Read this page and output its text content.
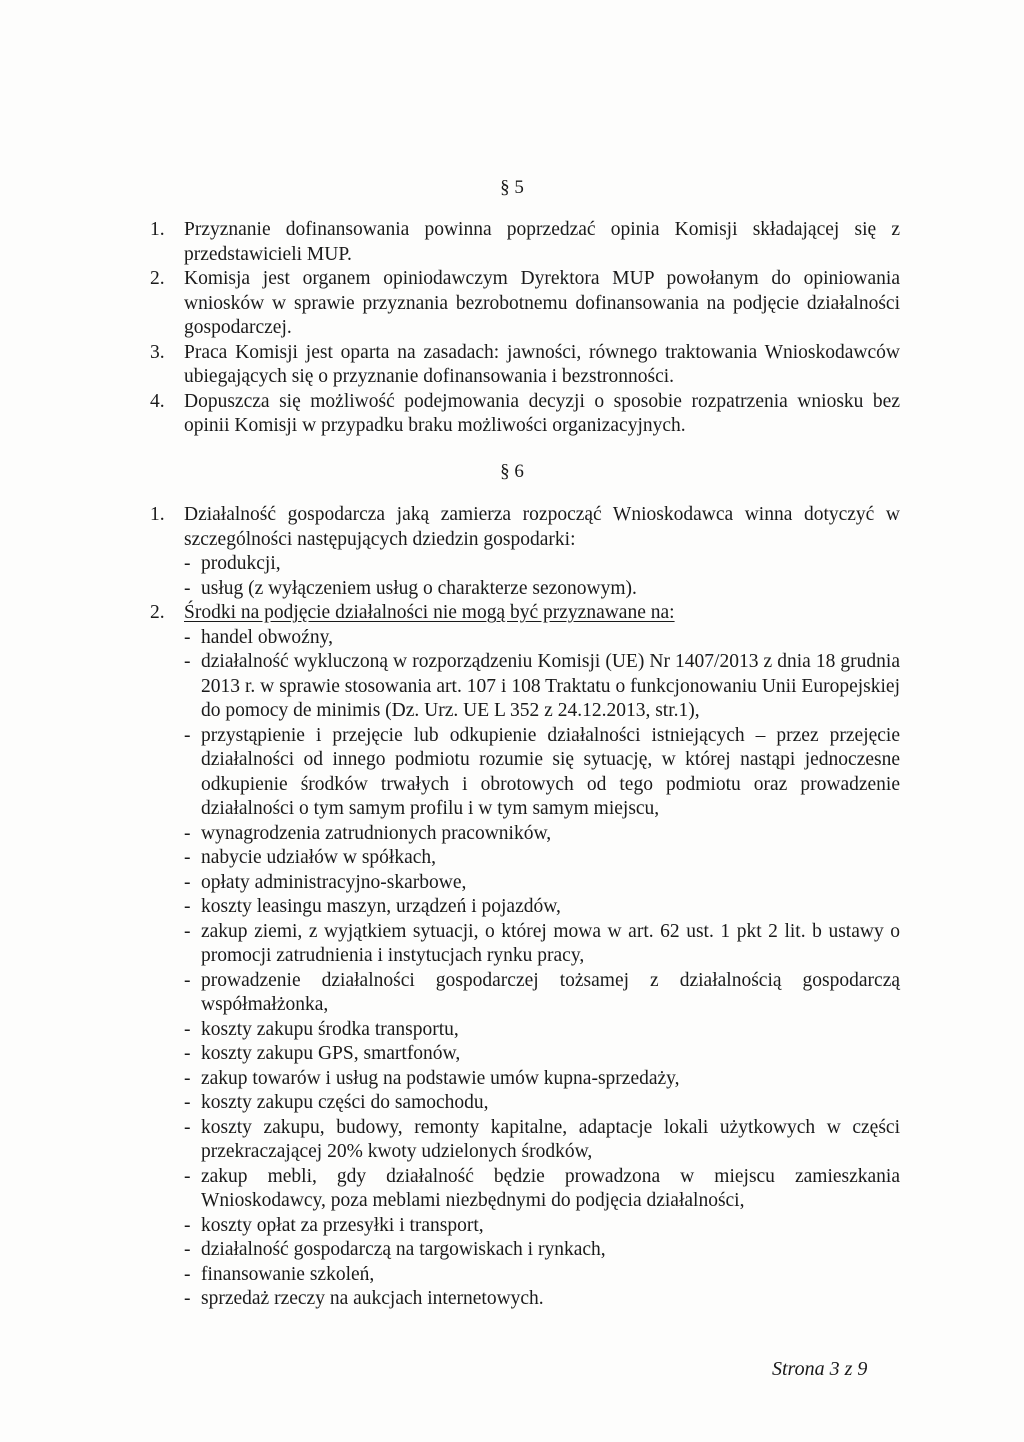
§ 5
1. Przyznanie dofinansowania powinna poprzedzać opinia Komisji składającej się z przedstawicieli MUP.
2. Komisja jest organem opiniodawczym Dyrektora MUP powołanym do opiniowania wniosków w sprawie przyznania bezrobotnemu dofinansowania na podjęcie działalności gospodarczej.
3. Praca Komisji jest oparta na zasadach: jawności, równego traktowania Wnioskodawców ubiegających się o przyznanie dofinansowania i bezstronności.
4. Dopuszcza się możliwość podejmowania decyzji o sposobie rozpatrzenia wniosku bez opinii Komisji w przypadku braku możliwości organizacyjnych.
§ 6
1. Działalność gospodarcza jaką zamierza rozpocząć Wnioskodawca winna dotyczyć w szczególności następujących dziedzin gospodarki:
- produkcji,
- usług (z wyłączeniem usług o charakterze sezonowym).
2. Środki na podjęcie działalności nie mogą być przyznawane na:
- handel obwoźny,
- działalność wykluczoną w rozporządzeniu Komisji (UE) Nr 1407/2013 z dnia 18 grudnia 2013 r. w sprawie stosowania art. 107 i 108 Traktatu o funkcjonowaniu Unii Europejskiej do pomocy de minimis (Dz. Urz. UE L 352 z 24.12.2013, str.1),
- przystąpienie i przejęcie lub odkupienie działalności istniejących – przez przejęcie działalności od innego podmiotu rozumie się sytuację, w której nastąpi jednoczesne odkupienie środków trwałych i obrotowych od tego podmiotu oraz prowadzenie działalności o tym samym profilu i w tym samym miejscu,
- wynagrodzenia zatrudnionych pracowników,
- nabycie udziałów w spółkach,
- opłaty administracyjno-skarbowe,
- koszty leasingu maszyn, urządzeń i pojazdów,
- zakup ziemi, z wyjątkiem sytuacji, o której mowa w art. 62 ust. 1 pkt 2 lit. b ustawy o promocji zatrudnienia i instytucjach rynku pracy,
- prowadzenie działalności gospodarczej tożsamej z działalnością gospodarczą współmałżonka,
- koszty zakupu środka transportu,
- koszty zakupu GPS, smartfonów,
- zakup towarów i usług na podstawie umów kupna-sprzedaży,
- koszty zakupu części do samochodu,
- koszty zakupu, budowy, remonty kapitalne, adaptacje lokali użytkowych w części przekraczającej 20% kwoty udzielonych środków,
- zakup mebli, gdy działalność będzie prowadzona w miejscu zamieszkania Wnioskodawcy, poza meblami niezbędnymi do podjęcia działalności,
- koszty opłat za przesyłki i transport,
- działalność gospodarczą na targowiskach i rynkach,
- finansowanie szkoleń,
- sprzedaż rzeczy na aukcjach internetowych.
Strona 3 z 9
